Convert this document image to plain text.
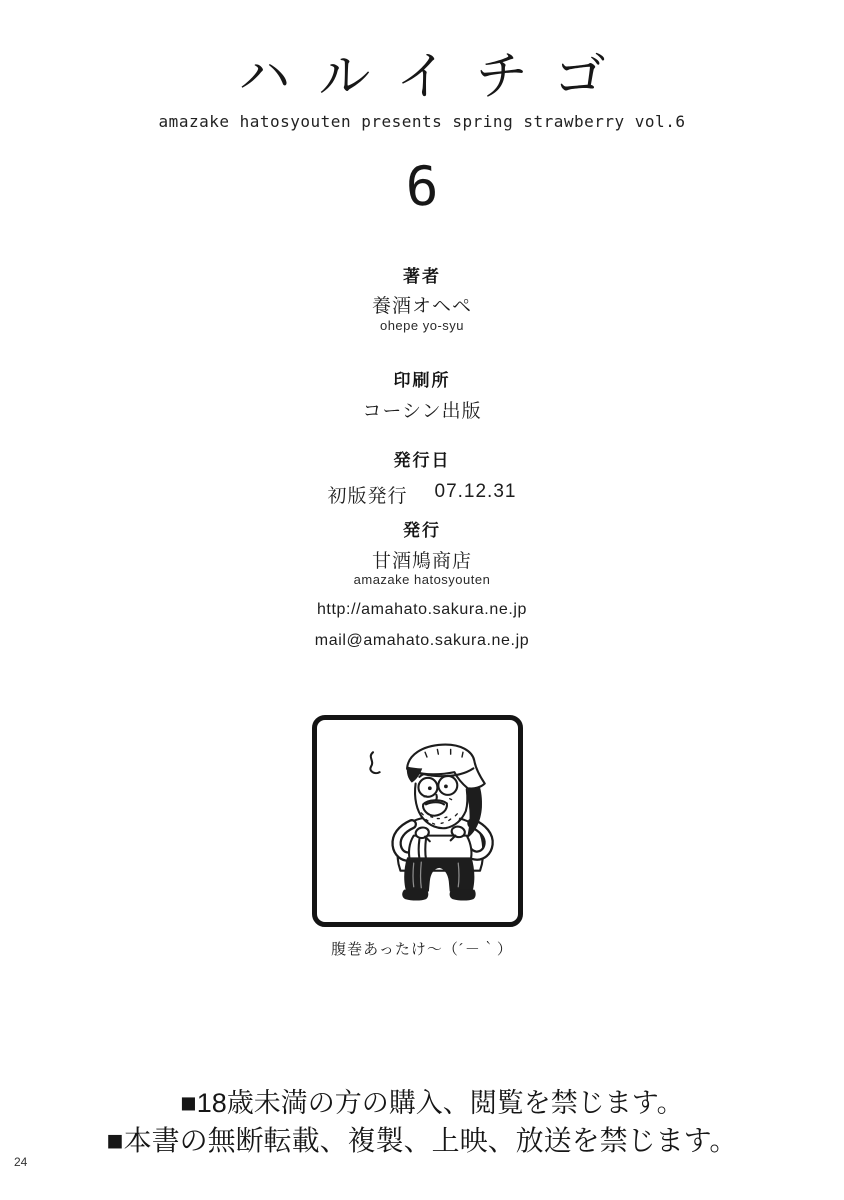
ハルイチゴ
amazake hatosyouten presents spring strawberry vol.6
6
著者
養酒オヘペ
ohepe yo-syu
印刷所
コーシン出版
発行日
初版発行 07.12.31
発行
甘酒鳩商店
amazake hatosyouten
http://amahato.sakura.ne.jp
mail@amahato.sakura.ne.jp
腹巻あったけ～（´－｀）
■18歳未満の方の購入、閲覧を禁じます。
■本書の無断転載、複製、上映、放送を禁じます。
24
